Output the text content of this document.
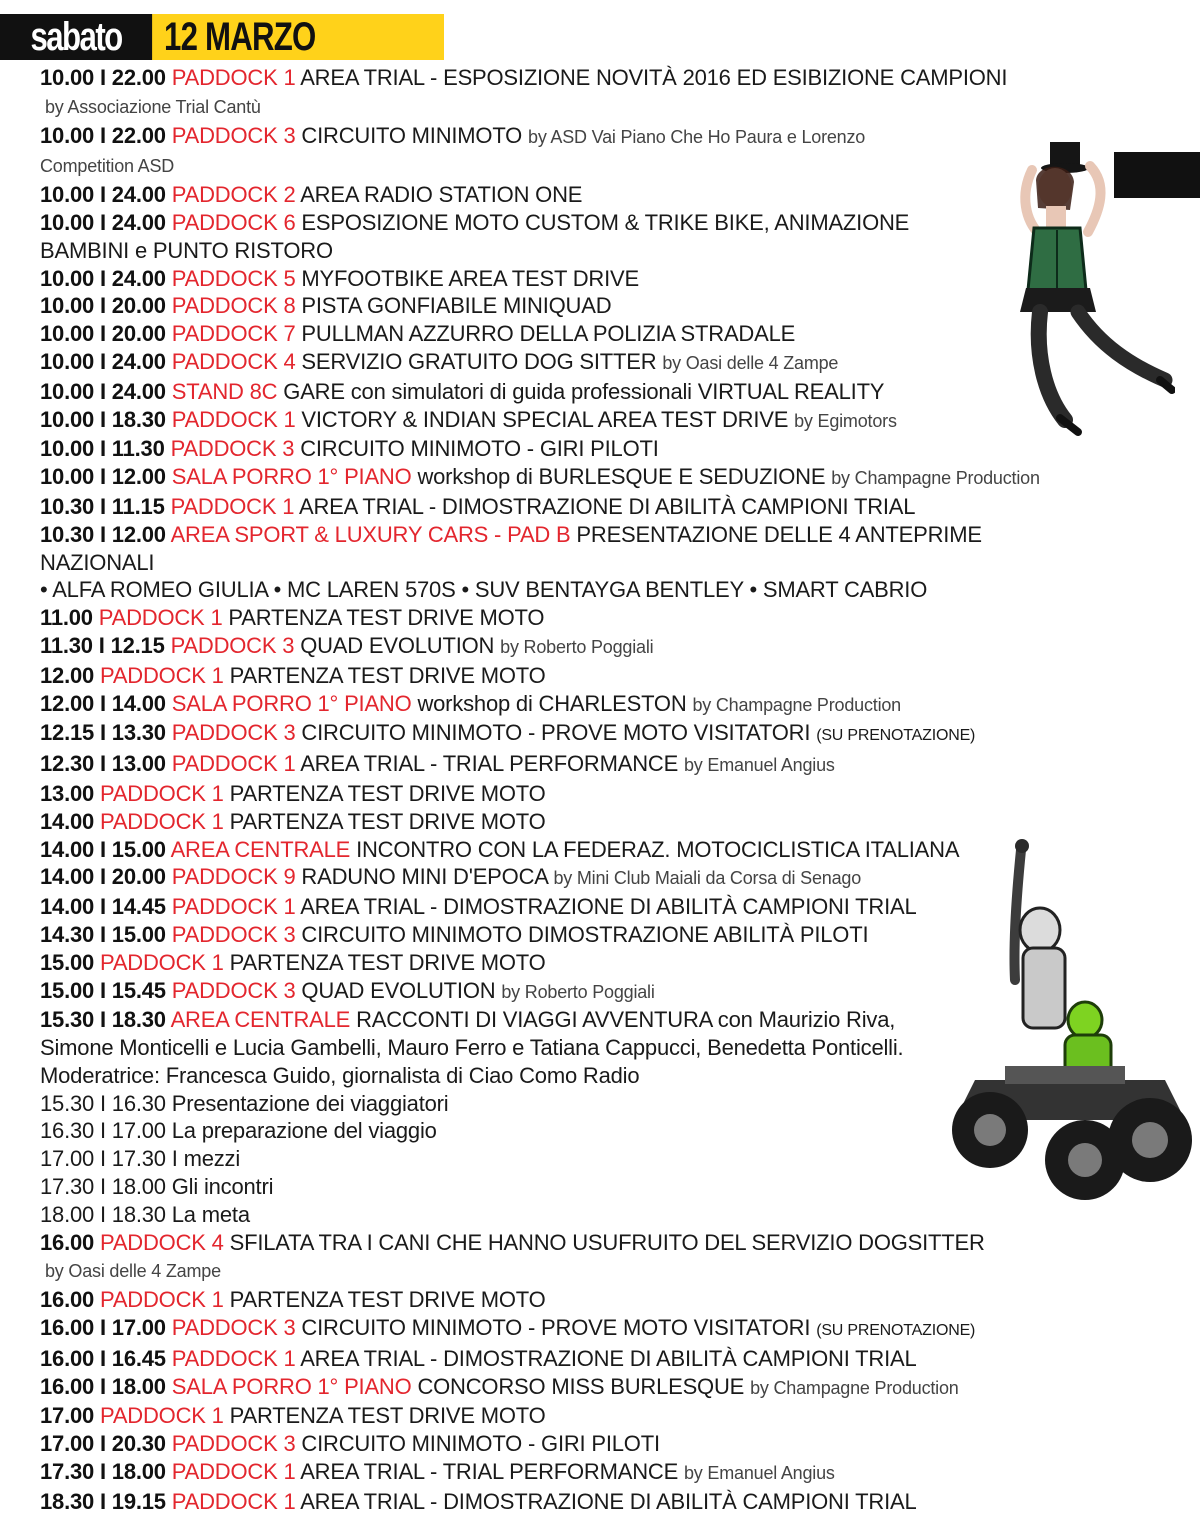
sabato	12 MARZO
10.00 I 22.00 PADDOCK 1 AREA TRIAL - ESPOSIZIONE NOVITÀ 2016 ED ESIBIZIONE CAMPIONI
by Associazione Trial Cantù
10.00 I 22.00 PADDOCK 3 CIRCUITO MINIMOTO by ASD Vai Piano Che Ho Paura e Lorenzo
Competition ASD
10.00 I 24.00 PADDOCK 2 AREA RADIO STATION ONE
10.00 I 24.00 PADDOCK 6 ESPOSIZIONE MOTO CUSTOM & TRIKE BIKE, ANIMAZIONE
BAMBINI e PUNTO RISTORO
10.00 I 24.00 PADDOCK 5 MYFOOTBIKE AREA TEST DRIVE
10.00 I 20.00 PADDOCK 8 PISTA GONFIABILE MINIQUAD
10.00 I 20.00 PADDOCK 7 PULLMAN AZZURRO DELLA POLIZIA STRADALE
10.00 I 24.00 PADDOCK 4 SERVIZIO GRATUITO DOG SITTER by Oasi delle 4 Zampe
10.00 I 24.00 STAND 8C GARE con simulatori di guida professionali VIRTUAL REALITY
10.00 I 18.30 PADDOCK 1 VICTORY & INDIAN SPECIAL AREA TEST DRIVE by Egimotors
10.00 I 11.30 PADDOCK 3 CIRCUITO MINIMOTO - GIRI PILOTI
10.00 I 12.00 SALA PORRO 1° PIANO workshop di BURLESQUE E SEDUZIONE by Champagne Production
10.30 I 11.15 PADDOCK 1 AREA TRIAL - DIMOSTRAZIONE DI ABILITÀ CAMPIONI TRIAL
10.30 I 12.00 AREA SPORT & LUXURY CARS - PAD B PRESENTAZIONE DELLE 4 ANTEPRIME
NAZIONALI
• ALFA ROMEO GIULIA • MC LAREN 570S • SUV BENTAYGA BENTLEY • SMART CABRIO
11.00 PADDOCK 1 PARTENZA TEST DRIVE MOTO
11.30 I 12.15 PADDOCK 3 QUAD EVOLUTION by Roberto Poggiali
12.00 PADDOCK 1 PARTENZA TEST DRIVE MOTO
12.00 I 14.00 SALA PORRO 1° PIANO workshop di CHARLESTON by Champagne Production
12.15 I 13.30 PADDOCK 3 CIRCUITO MINIMOTO - PROVE MOTO VISITATORI (SU PRENOTAZIONE)
12.30 I 13.00 PADDOCK 1 AREA TRIAL - TRIAL PERFORMANCE by Emanuel Angius
13.00 PADDOCK 1 PARTENZA TEST DRIVE MOTO
14.00 PADDOCK 1 PARTENZA TEST DRIVE MOTO
14.00 I 15.00 AREA CENTRALE INCONTRO CON LA FEDERAZ. MOTOCICLISTICA ITALIANA
14.00 I 20.00 PADDOCK 9 RADUNO MINI D'EPOCA by Mini Club Maiali da Corsa di Senago
14.00 I 14.45 PADDOCK 1 AREA TRIAL - DIMOSTRAZIONE DI ABILITÀ CAMPIONI TRIAL
14.30 I 15.00 PADDOCK 3 CIRCUITO MINIMOTO DIMOSTRAZIONE ABILITÀ PILOTI
15.00 PADDOCK 1 PARTENZA TEST DRIVE MOTO
15.00 I 15.45 PADDOCK 3 QUAD EVOLUTION by Roberto Poggiali
15.30 I 18.30 AREA CENTRALE RACCONTI DI VIAGGI AVVENTURA con Maurizio Riva,
Simone Monticelli e Lucia Gambelli, Mauro Ferro e Tatiana Cappucci, Benedetta Ponticelli.
Moderatrice: Francesca Guido, giornalista di Ciao Como Radio
15.30 I 16.30 Presentazione dei viaggiatori
16.30 I 17.00 La preparazione del viaggio
17.00 I 17.30 I mezzi
17.30 I 18.00 Gli incontri
18.00 I 18.30 La meta
16.00 PADDOCK 4 SFILATA TRA I CANI CHE HANNO USUFRUITO DEL SERVIZIO DOGSITTER
by Oasi delle 4 Zampe
16.00 PADDOCK 1 PARTENZA TEST DRIVE MOTO
16.00 I 17.00 PADDOCK 3 CIRCUITO MINIMOTO - PROVE MOTO VISITATORI (SU PRENOTAZIONE)
16.00 I 16.45 PADDOCK 1 AREA TRIAL - DIMOSTRAZIONE DI ABILITÀ CAMPIONI TRIAL
16.00 I 18.00 SALA PORRO 1° PIANO CONCORSO MISS BURLESQUE by Champagne Production
17.00 PADDOCK 1 PARTENZA TEST DRIVE MOTO
17.00 I 20.30 PADDOCK 3 CIRCUITO MINIMOTO - GIRI PILOTI
17.30 I 18.00 PADDOCK 1 AREA TRIAL - TRIAL PERFORMANCE by Emanuel Angius
18.30 I 19.15 PADDOCK 1 AREA TRIAL - DIMOSTRAZIONE DI ABILITÀ CAMPIONI TRIAL
